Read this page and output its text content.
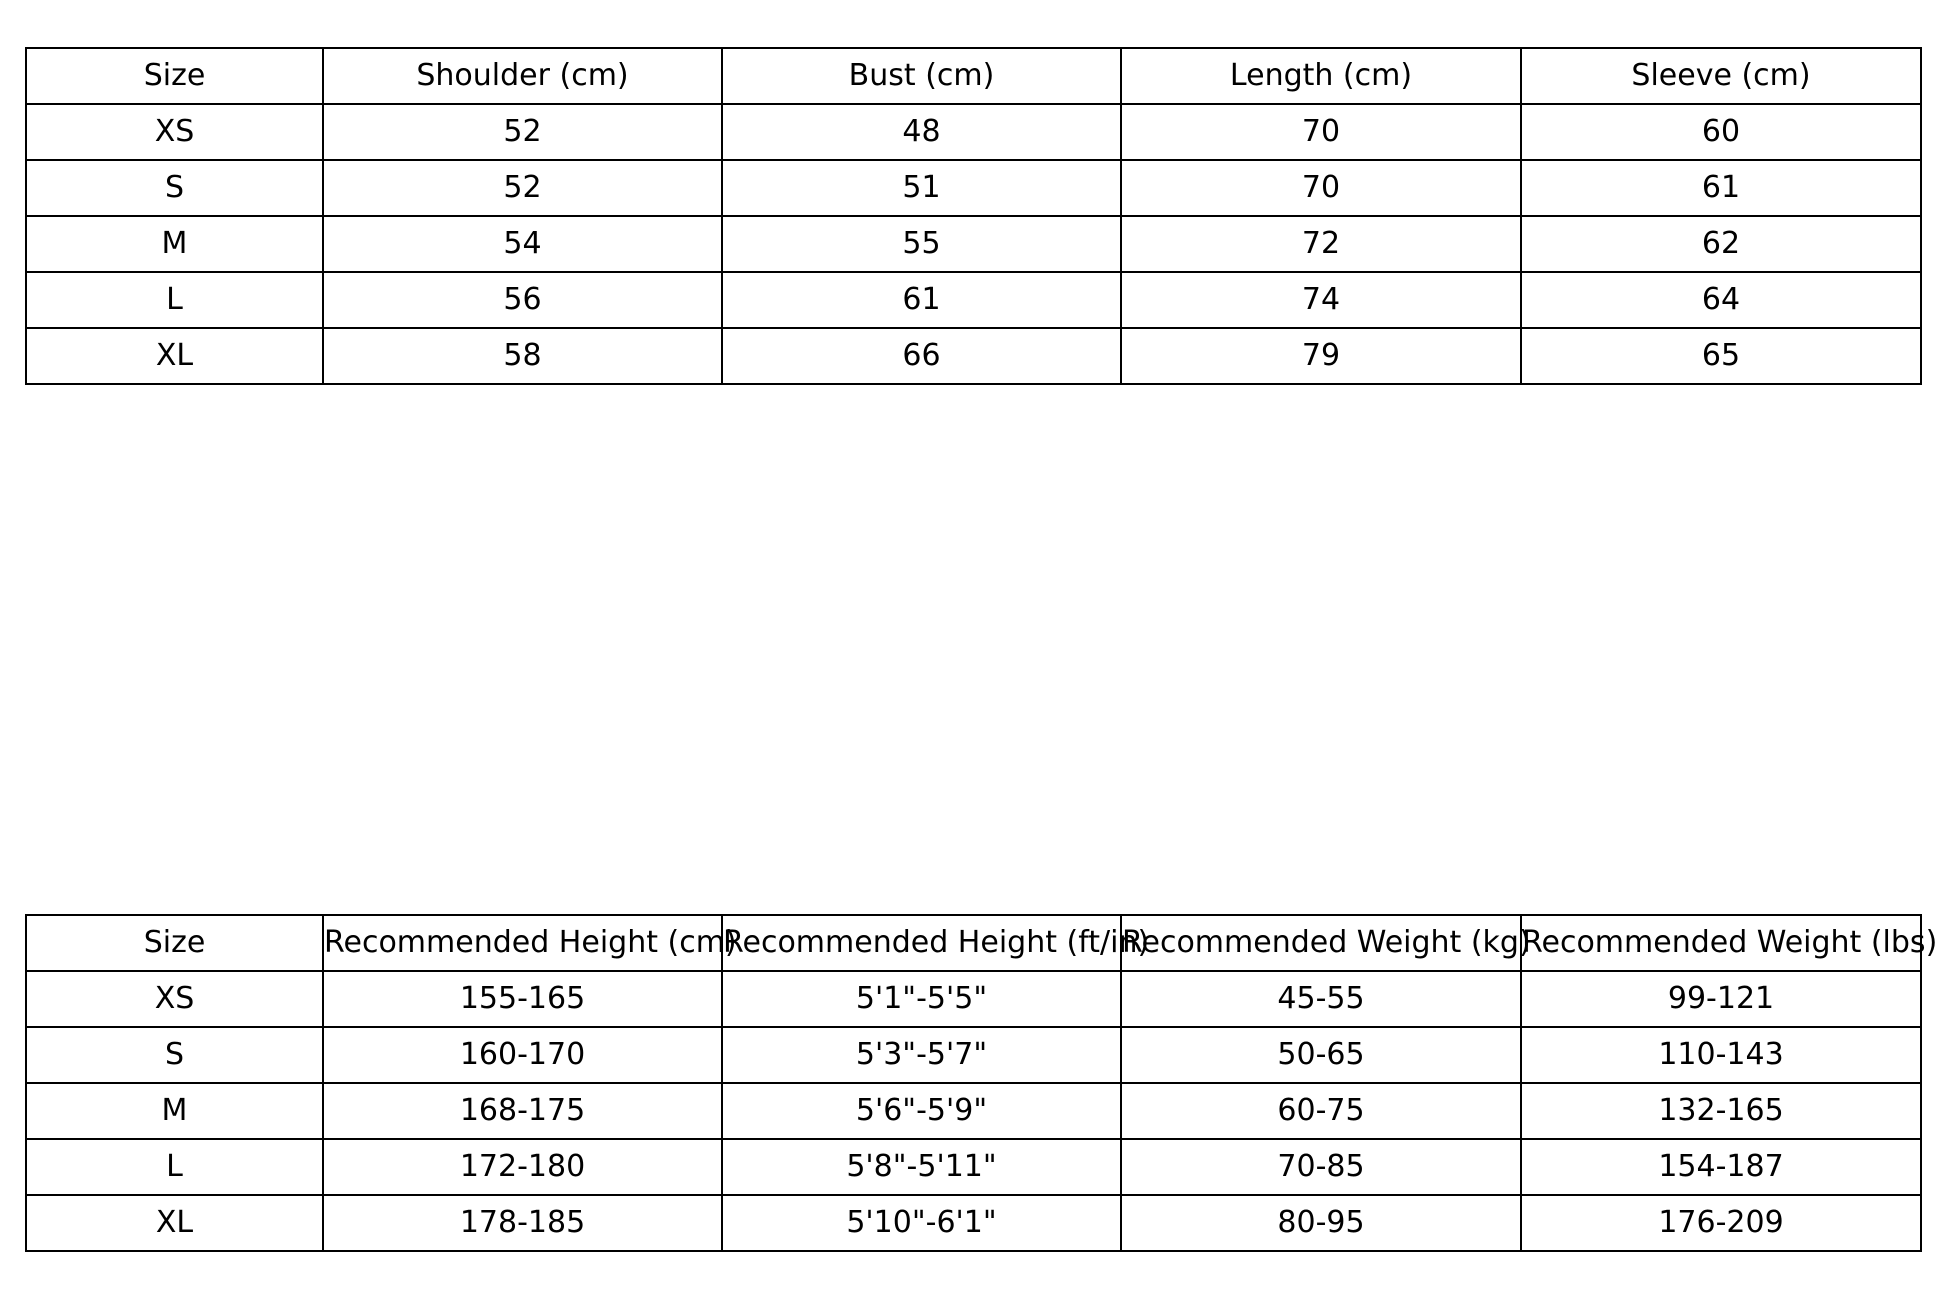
Size	Shoulder (cm)	Bust (cm)	Length (cm)	Sleeve (cm)
XS	52	48	70	60
S	52	51	70	61
M	54	55	72	62
L	56	61	74	64
XL	58	66	79	65
Size	Recommended Height (cm)	Recommended Height (ft/in)	Recommended Weight (kg)	Recommended Weight (lbs)
XS	155-165	5'1"-5'5"	45-55	99-121
S	160-170	5'3"-5'7"	50-65	110-143
M	168-175	5'6"-5'9"	60-75	132-165
L	172-180	5'8"-5'11"	70-85	154-187
XL	178-185	5'10"-6'1"	80-95	176-209
